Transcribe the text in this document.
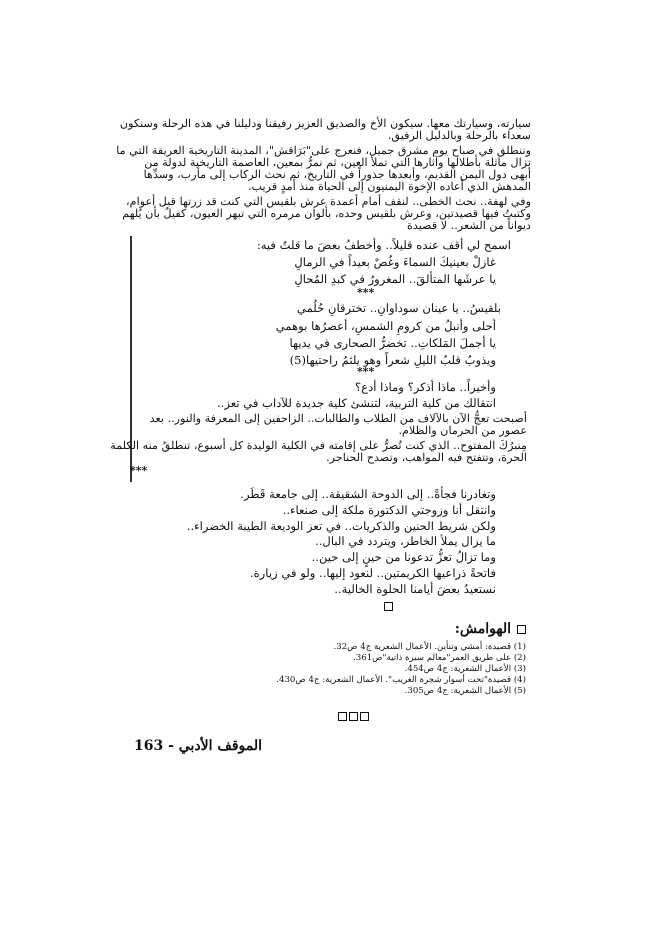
سيارته، وسيارتك معها. سيكون الأخ والصديق العزيز رفيقنا ودليلنا في هذه الرحلة وسنكون
سعداء بالرحلة وبالدليل الرفيق.
وننطلق في صباح يوم مشرق جميل، فنعرج على"بَرَاقش"، المدينة التاريخية العريقة التي ما
تزال ماثلة بأطلالها وآثارها التي تملأ العين، ثم نمرُّ بمعين، العاصمة التاريخية لدولة من
أبهى دول اليمن القديم، وأبعدها جذوراً في التاريخ، ثم نحث الركاب إلى مأرب، وسدِّها
المدهش الذي أعاده الإخوة اليمنيون إلى الحياة منذ أمدٍ قريب.
وفي لهفة.. نحث الخطى.. لنقف أمام أعمدة عرش بلقيس التي كنت قد زرتها قبل أعوام،
وكتبتُ فيها قصيدتين، وعرش بلقيس وحده، بألوان مرمره التي تبهر العيون، كفيلٌ بأن يُلهم
ديواناً من الشعر.. لا قصيدة
اسمح لي أقف عنده قليلاً.. وأخطفُ بعضَ ما قلتُ فيه:
غازلْ بعينيكَ السماءَ وغُصْ بعيداً في الرمالِ
يا عرشَها المتألقَ.. المغرورُ في كبدِ المُحالِ
***
بلقيسُ.. يا عينان سوداوانِ.. تخترقانِ حُلُمي
أحلى وأنبلُ من كرومِ الشمسِ، أعصرُها بوهمي
يا أجملَ المَلكاتِ.. تخضرُّ الصحارى في يديها
ويذوبُ قلبُ الليلِ شعراً وهو يلثمُ راحتيها(5)
***
وأخيراً.. ماذا أذكر؟ وماذا أدع؟
انتقالك من كلية التربية، لتنشئ كلية جديدة للآداب في تعز..
أصبحت تعجُّ الآن بالآلاف من الطلاب والطالبات.. الزاحفين إلى المعرفة والنور.. بعد
عصور من الحرمان والظلام.
مِنبرُكَ المفتوح.. الذي كنت تُصرُّ على إقامته في الكلية الوليدة كل أسبوع، تنطلقُ منه الكلمة
الحرة، وتتفتح فيه المواهب، وتصدح الحناجر.
***
وتغادرنا فجأةً.. إلى الدوحة الشقيقة.. إلى جامعة قَطَر.
وانتقل أنا وزوجتي الدكتورة ملكة إلى صنعاء..
ولكن شريط الحنين والذكريات.. في تعز الوديعة الطيبة الخضراء..
ما يزال يملأ الخاطر، ويتردد في البال..
وما تزالُ تعزُّ تدعونا من حينٍ إلى حين..
فاتحةً ذراعيها الكريمتين.. لنعود إليها.. ولو في زيارة.
نستعيدُ بعضَ أيامنا الحلوة الخالية..
الهوامش:
(1) قصيدة: أمشي وتنأين. الأعمال الشعرية ج4 ص32.
(2) على طريق العمر"معالم سيرة ذاتية"ص361.
(3) الأعمال الشعرية: ج4 ص454.
(4) قصيدة"تحت أسوار شجرة الغريب". الأعمال الشعرية: ج4 ص430.
(5) الأعمال الشعرية: ج4 ص305.
الموقف الأدبي - 163
